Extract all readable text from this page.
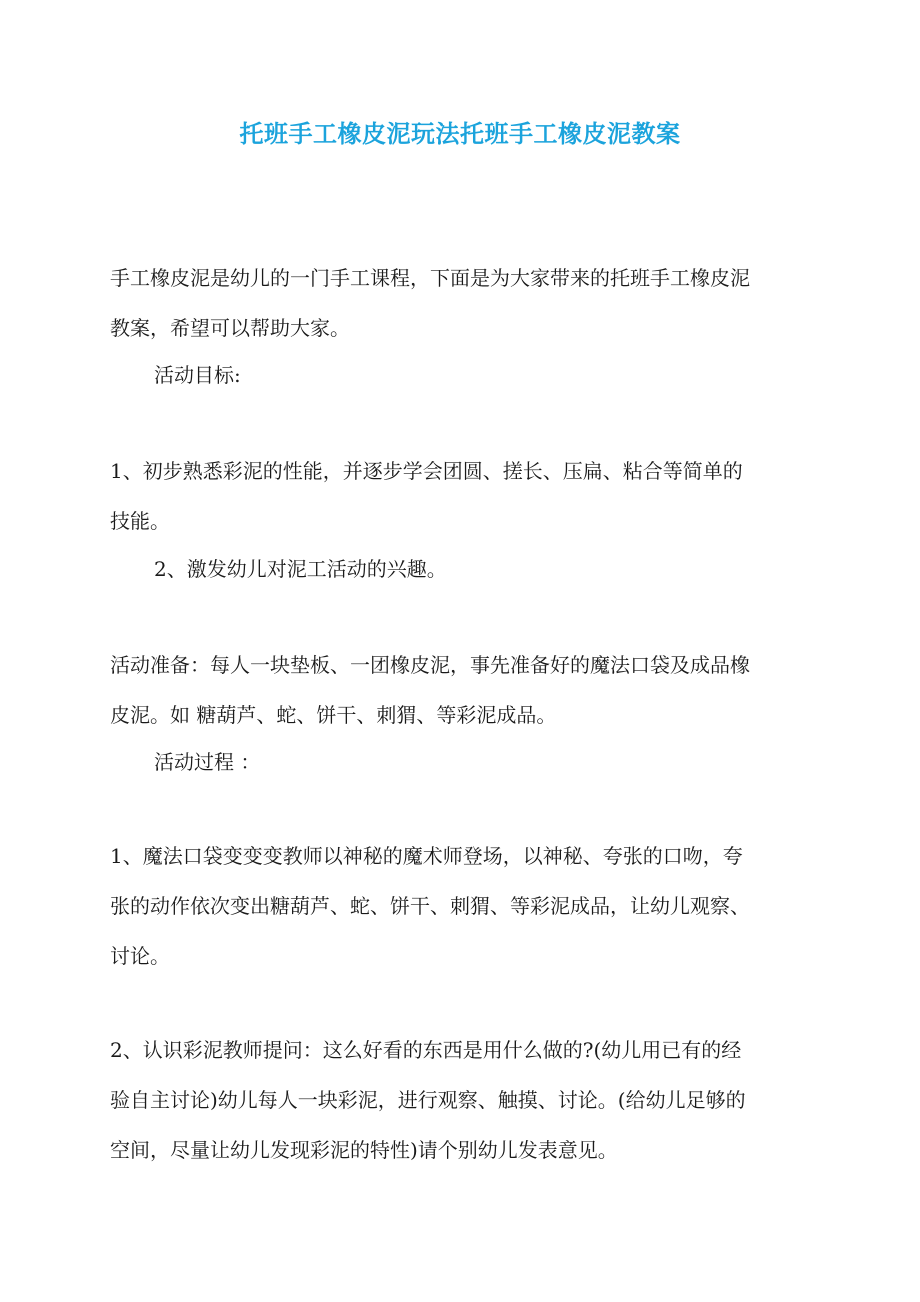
托班手工橡皮泥玩法托班手工橡皮泥教案

手工橡皮泥是幼儿的一门手工课程，下面是为大家带来的托班手工橡皮泥
教案，希望可以帮助大家。

活动目标:

1、初步熟悉彩泥的性能，并逐步学会团圆、搓长、压扁、粘合等简单的
技能。

2、激发幼儿对泥工活动的兴趣。

活动准备：每人一块垫板、一团橡皮泥，事先准备好的魔法口袋及成品橡
皮泥。如 糖葫芦、蛇、饼干、刺猬、等彩泥成品。

活动过程 ：

1、魔法口袋变变变教师以神秘的魔术师登场，以神秘、夸张的口吻，夸
张的动作依次变出糖葫芦、蛇、饼干、刺猬、等彩泥成品，让幼儿观察、
讨论。

2、认识彩泥教师提问：这么好看的东西是用什么做的?(幼儿用已有的经
验自主讨论)幼儿每人一块彩泥，进行观察、触摸、讨论。(给幼儿足够的
空间，尽量让幼儿发现彩泥的特性)请个别幼儿发表意见。
